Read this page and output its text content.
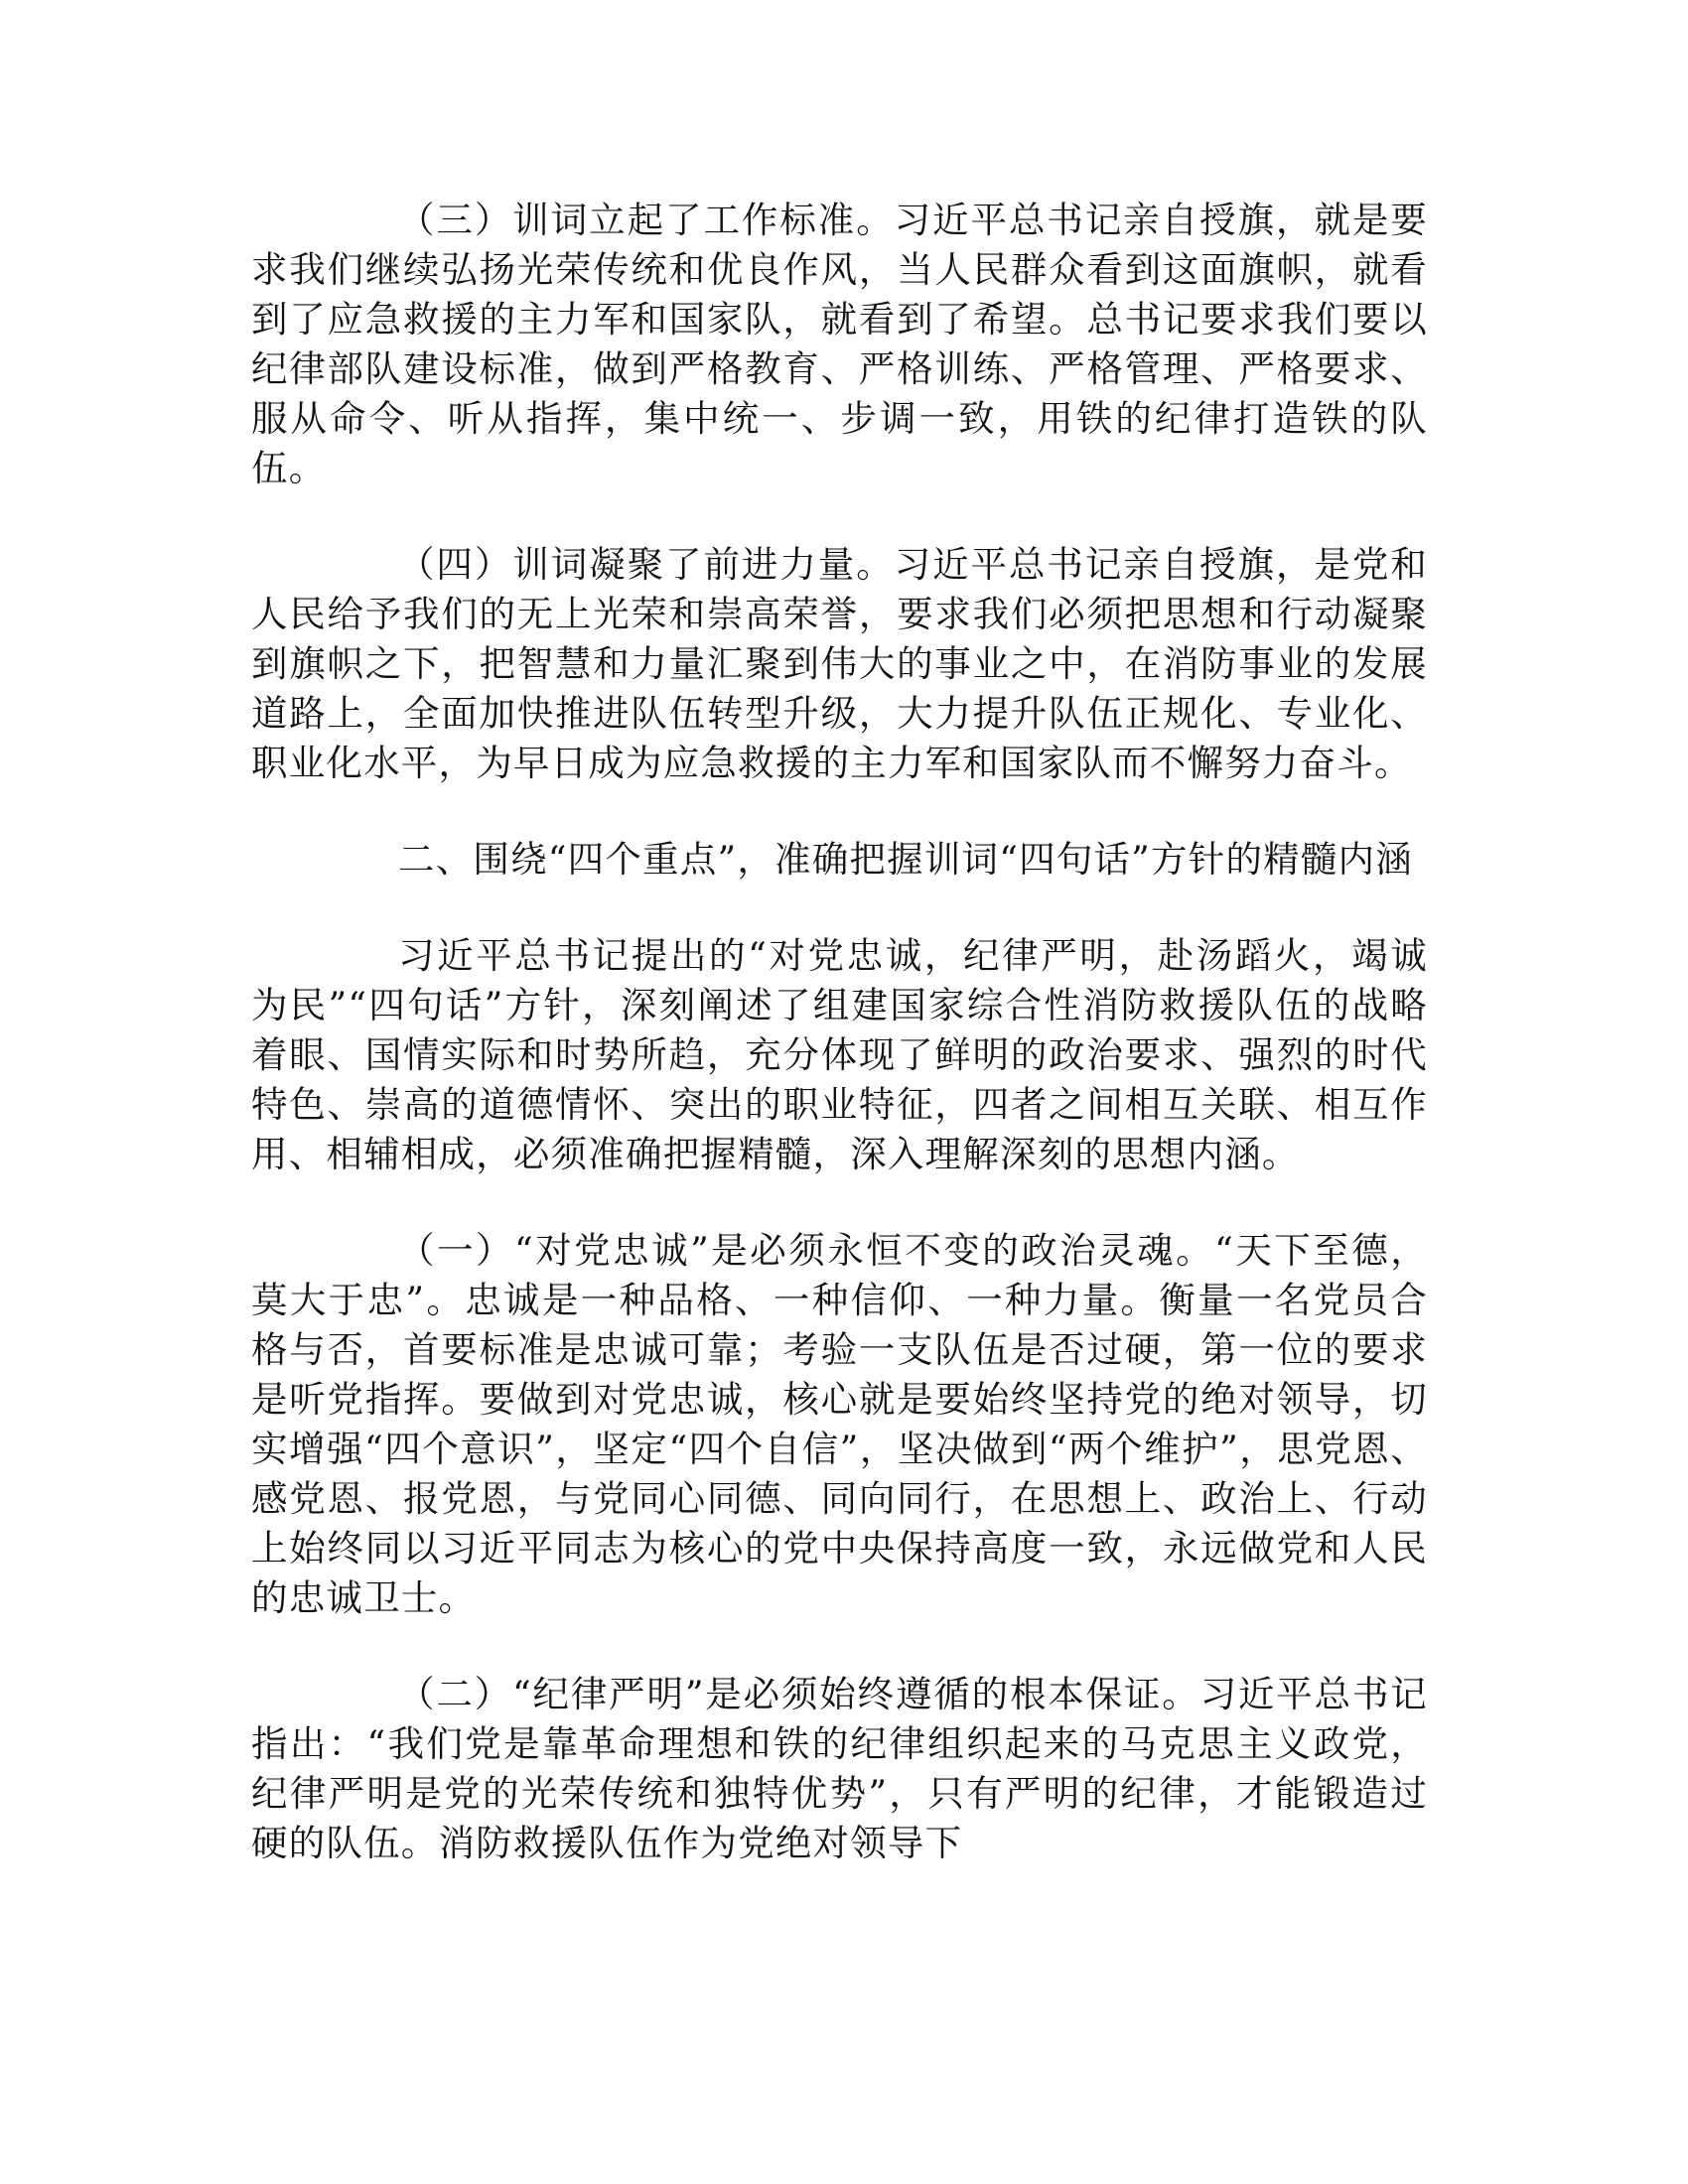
（三）训词立起了工作标准。习近平总书记亲自授旗，就是要求我们继续弘扬光荣传统和优良作风，当人民群众看到这面旗帜，就看到了应急救援的主力军和国家队，就看到了希望。总书记要求我们要以纪律部队建设标准，做到严格教育、严格训练、严格管理、严格要求、服从命令、听从指挥，集中统一、步调一致，用铁的纪律打造铁的队伍。

（四）训词凝聚了前进力量。习近平总书记亲自授旗，是党和人民给予我们的无上光荣和崇高荣誉，要求我们必须把思想和行动凝聚到旗帜之下，把智慧和力量汇聚到伟大的事业之中，在消防事业的发展道路上，全面加快推进队伍转型升级，大力提升队伍正规化、专业化、职业化水平，为早日成为应急救援的主力军和国家队而不懈努力奋斗。

二、围绕“四个重点”，准确把握训词“四句话”方针的精髓内涵

习近平总书记提出的“对党忠诚，纪律严明，赴汤蹈火，竭诚为民”“四句话”方针，深刻阐述了组建国家综合性消防救援队伍的战略着眼、国情实际和时势所趋，充分体现了鲜明的政治要求、强烈的时代特色、崇高的道德情怀、突出的职业特征，四者之间相互关联、相互作用、相辅相成，必须准确把握精髓，深入理解深刻的思想内涵。

（一）“对党忠诚”是必须永恒不变的政治灵魂。“天下至德，莫大于忠”。忠诚是一种品格、一种信仰、一种力量。衡量一名党员合格与否，首要标准是忠诚可靠；考验一支队伍是否过硬，第一位的要求是听党指挥。要做到对党忠诚，核心就是要始终坚持党的绝对领导，切实增强“四个意识”，坚定“四个自信”，坚决做到“两个维护”，思党恩、感党恩、报党恩，与党同心同德、同向同行，在思想上、政治上、行动上始终同以习近平同志为核心的党中央保持高度一致，永远做党和人民的忠诚卫士。

（二）“纪律严明”是必须始终遵循的根本保证。习近平总书记指出：“我们党是靠革命理想和铁的纪律组织起来的马克思主义政党，纪律严明是党的光荣传统和独特优势”，只有严明的纪律，才能锻造过硬的队伍。消防救援队伍作为党绝对领导下
